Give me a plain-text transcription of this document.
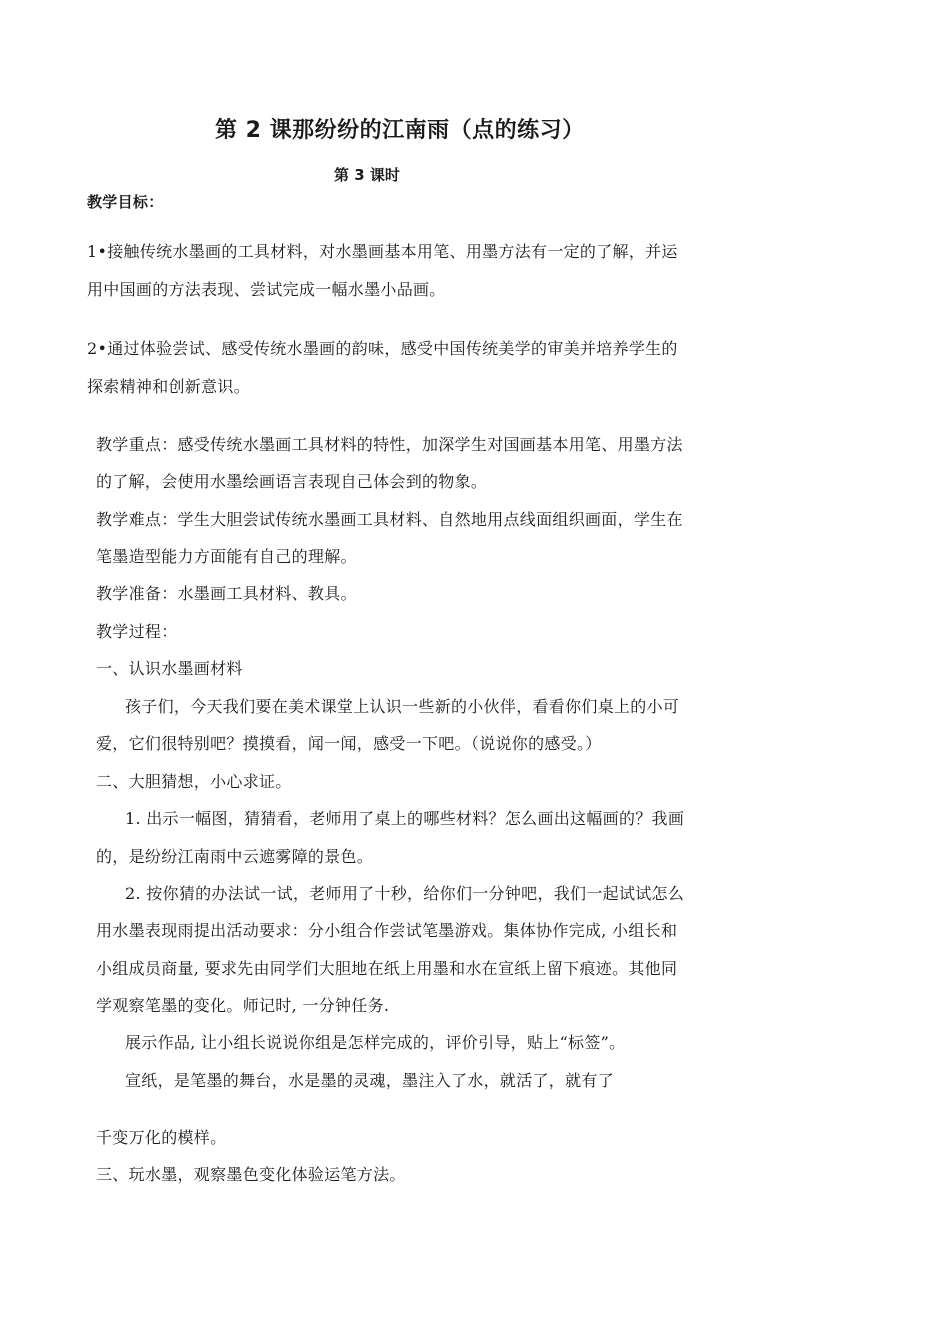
第 2 课那纷纷的江南雨（点的练习）
第 3 课时
教学目标：
1•接触传统水墨画的工具材料，对水墨画基本用笔、用墨方法有一定的了解，并运
用中国画的方法表现、尝试完成一幅水墨小品画。
2•通过体验尝试、感受传统水墨画的韵味，感受中国传统美学的审美并培养学生的
探索精神和创新意识。
教学重点：感受传统水墨画工具材料的特性，加深学生对国画基本用笔、用墨方法
的了解，会使用水墨绘画语言表现自己体会到的物象。
教学难点：学生大胆尝试传统水墨画工具材料、自然地用点线面组织画面，学生在
笔墨造型能力方面能有自己的理解。
教学准备：水墨画工具材料、教具。
教学过程：
一、认识水墨画材料
孩子们，今天我们要在美术课堂上认识一些新的小伙伴，看看你们桌上的小可
爱，它们很特别吧？摸摸看，闻一闻，感受一下吧。（说说你的感受。）
二、大胆猜想，小心求证。
1. 出示一幅图，猜猜看，老师用了桌上的哪些材料？怎么画出这幅画的？我画
的，是纷纷江南雨中云遮雾障的景色。
2. 按你猜的办法试一试，老师用了十秒，给你们一分钟吧，我们一起试试怎么
用水墨表现雨提出活动要求：分小组合作尝试笔墨游戏。集体协作完成, 小组长和
小组成员商量, 要求先由同学们大胆地在纸上用墨和水在宣纸上留下痕迹。其他同
学观察笔墨的变化。师记时, 一分钟任务.
展示作品, 让小组长说说你组是怎样完成的，评价引导，贴上“标签”。
宣纸，是笔墨的舞台，水是墨的灵魂，墨注入了水，就活了，就有了
千变万化的模样。
三、玩水墨，观察墨色变化体验运笔方法。
